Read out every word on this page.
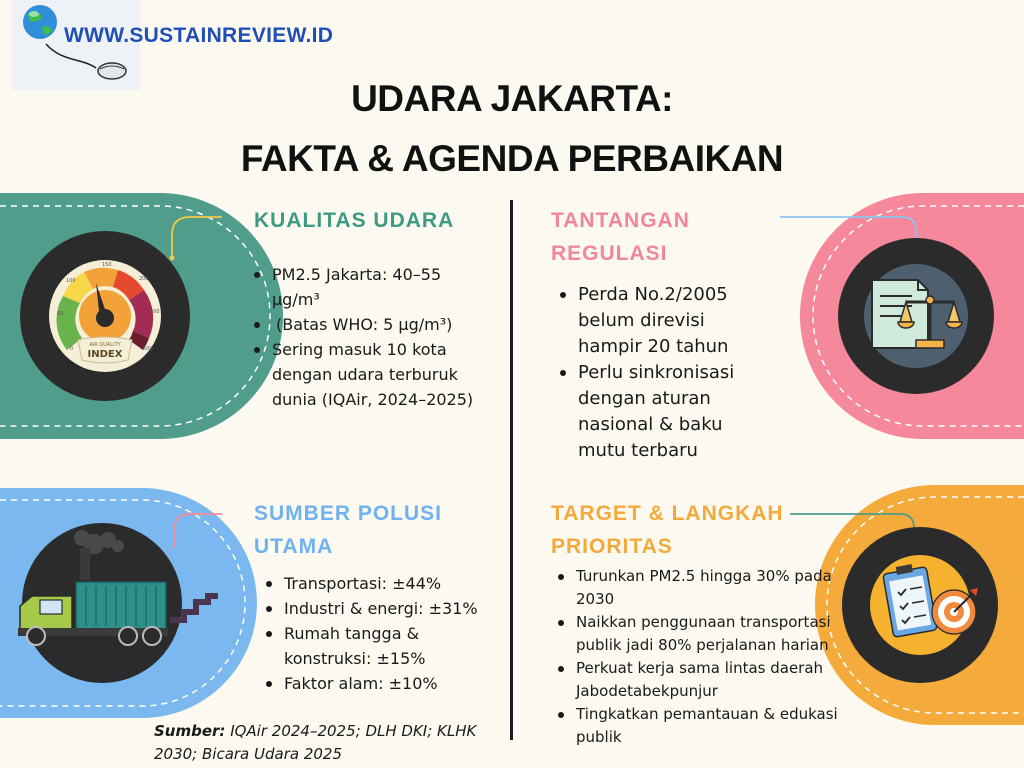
WWW.SUSTAINREVIEW.ID
UDARA JAKARTA:
FAKTA & AGENDA PERBAIKAN
AIR QUALITY
INDEX
0
50
100
150
200
300
500
KUALITAS UDARA
PM2.5 Jakarta: 40–55 µg/m³
(Batas WHO: 5 µg/m³)
Sering masuk 10 kota dengan udara terburuk dunia (IQAir, 2024–2025)
TANTANGAN
REGULASI
Perda No.2/2005 belum direvisi hampir 20 tahun
Perlu sinkronisasi dengan aturan nasional & baku mutu terbaru
SUMBER POLUSI
UTAMA
Transportasi: ±44%
Industri & energi: ±31%
Rumah tangga & konstruksi: ±15%
Faktor alam: ±10%
TARGET & LANGKAH
PRIORITAS
Turunkan PM2.5 hingga 30% pada 2030
Naikkan penggunaan transportasi publik jadi 80% perjalanan harian
Perkuat kerja sama lintas daerah Jabodetabekpunjur
Tingkatkan pemantauan & edukasi publik
Sumber: IQAir 2024–2025; DLH DKI; KLHK 2030; Bicara Udara 2025
